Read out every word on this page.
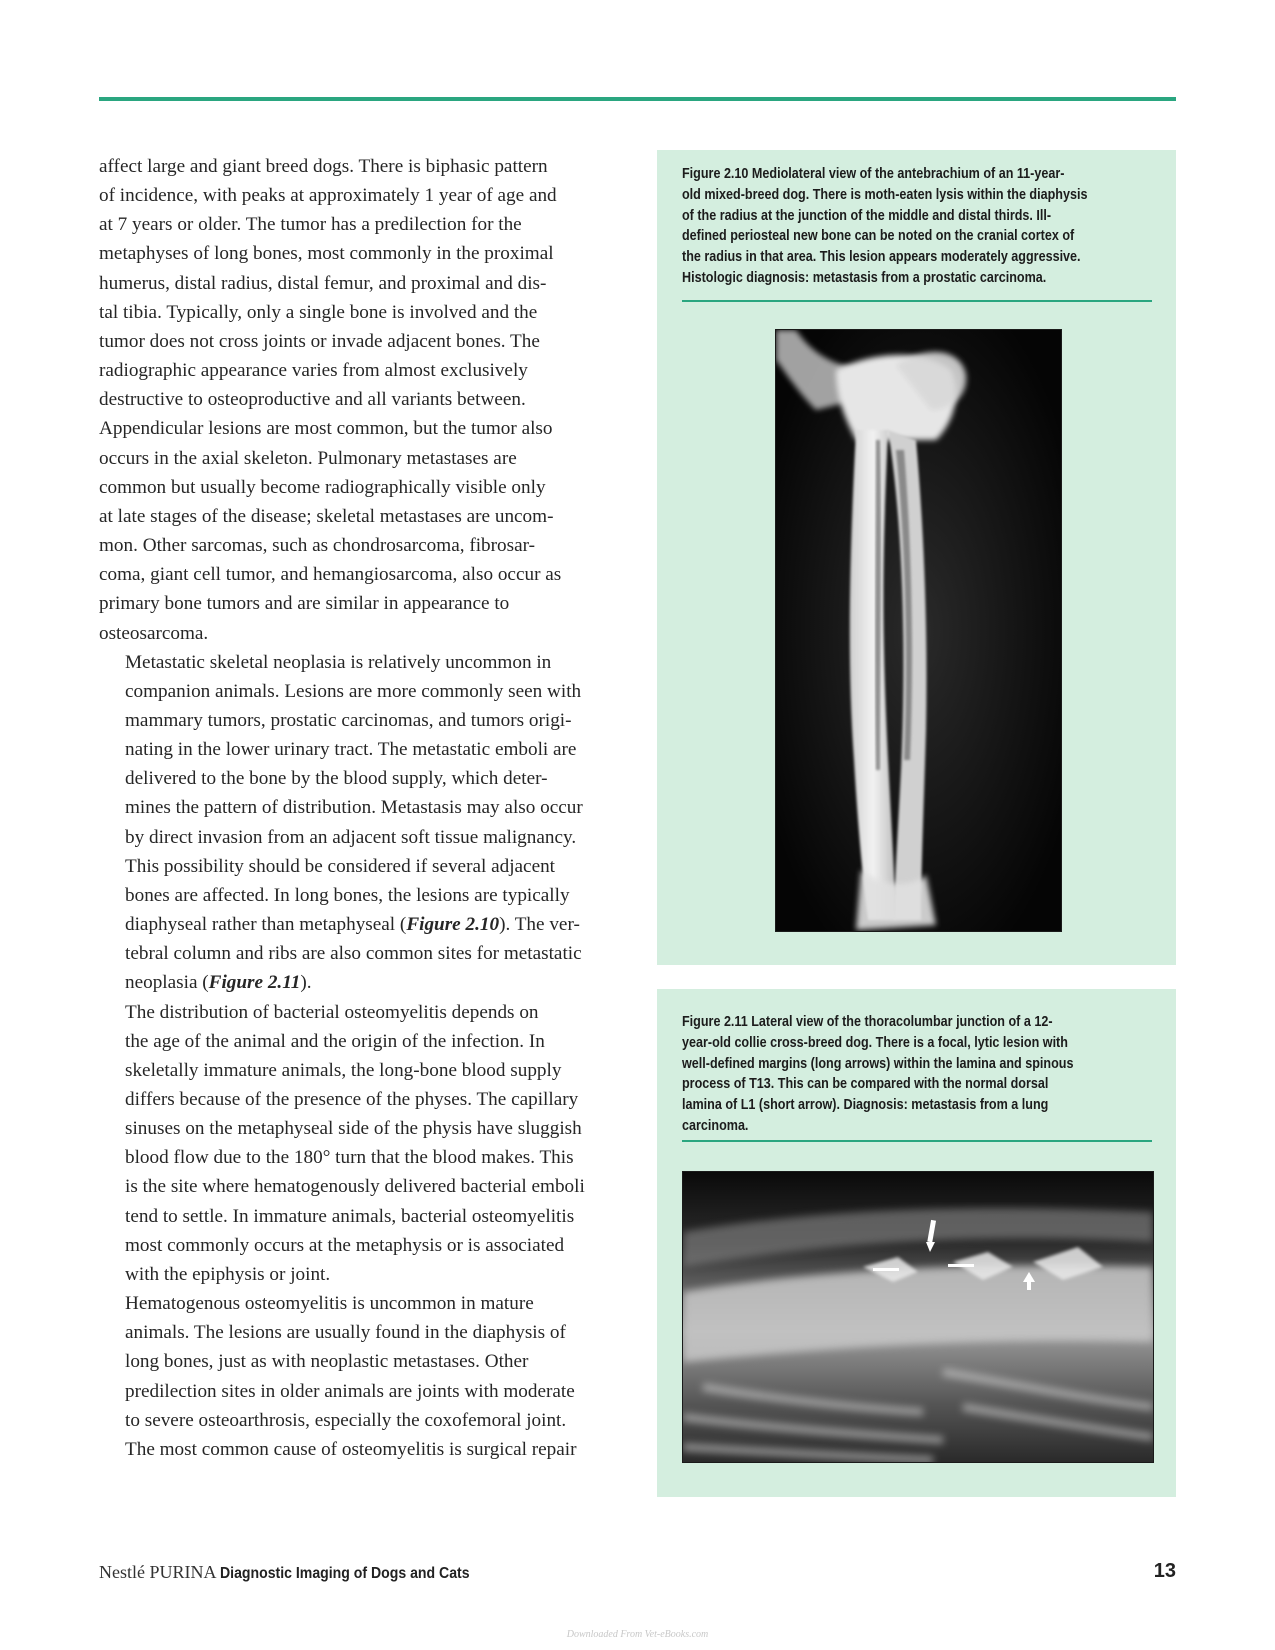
affect large and giant breed dogs. There is biphasic pattern
of incidence, with peaks at approximately 1 year of age and
at 7 years or older. The tumor has a predilection for the
metaphyses of long bones, most commonly in the proximal
humerus, distal radius, distal femur, and proximal and dis-
tal tibia. Typically, only a single bone is involved and the
tumor does not cross joints or invade adjacent bones. The
radiographic appearance varies from almost exclusively
destructive to osteoproductive and all variants between.
Appendicular lesions are most common, but the tumor also
occurs in the axial skeleton. Pulmonary metastases are
common but usually become radiographically visible only
at late stages of the disease; skeletal metastases are uncom-
mon. Other sarcomas, such as chondrosarcoma, fibrosar-
coma, giant cell tumor, and hemangiosarcoma, also occur as
primary bone tumors and are similar in appearance to
osteosarcoma.

Metastatic skeletal neoplasia is relatively uncommon in
companion animals. Lesions are more commonly seen with
mammary tumors, prostatic carcinomas, and tumors origi-
nating in the lower urinary tract. The metastatic emboli are
delivered to the bone by the blood supply, which deter-
mines the pattern of distribution. Metastasis may also occur
by direct invasion from an adjacent soft tissue malignancy.
This possibility should be considered if several adjacent
bones are affected. In long bones, the lesions are typically
diaphyseal rather than metaphyseal (Figure 2.10). The ver-
tebral column and ribs are also common sites for metastatic
neoplasia (Figure 2.11).

The distribution of bacterial osteomyelitis depends on
the age of the animal and the origin of the infection. In
skeletally immature animals, the long-bone blood supply
differs because of the presence of the physes. The capillary
sinuses on the metaphyseal side of the physis have sluggish
blood flow due to the 180° turn that the blood makes. This
is the site where hematogenously delivered bacterial emboli
tend to settle. In immature animals, bacterial osteomyelitis
most commonly occurs at the metaphysis or is associated
with the epiphysis or joint.

Hematogenous osteomyelitis is uncommon in mature
animals. The lesions are usually found in the diaphysis of
long bones, just as with neoplastic metastases. Other
predilection sites in older animals are joints with moderate
to severe osteoarthrosis, especially the coxofemoral joint.
The most common cause of osteomyelitis is surgical repair

Figure 2.10 Mediolateral view of the antebrachium of an 11-year-
old mixed-breed dog. There is moth-eaten lysis within the diaphysis
of the radius at the junction of the middle and distal thirds. Ill-
defined periosteal new bone can be noted on the cranial cortex of
the radius in that area. This lesion appears moderately aggressive.
Histologic diagnosis: metastasis from a prostatic carcinoma.
Figure 2.11 Lateral view of the thoracolumbar junction of a 12-
year-old collie cross-breed dog. There is a focal, lytic lesion with
well-defined margins (long arrows) within the lamina and spinous
process of T13. This can be compared with the normal dorsal
lamina of L1 (short arrow). Diagnosis: metastasis from a lung
carcinoma.
Nestlé PURINA Diagnostic Imaging of Dogs and Cats	13
Downloaded From Vet-eBooks.com
